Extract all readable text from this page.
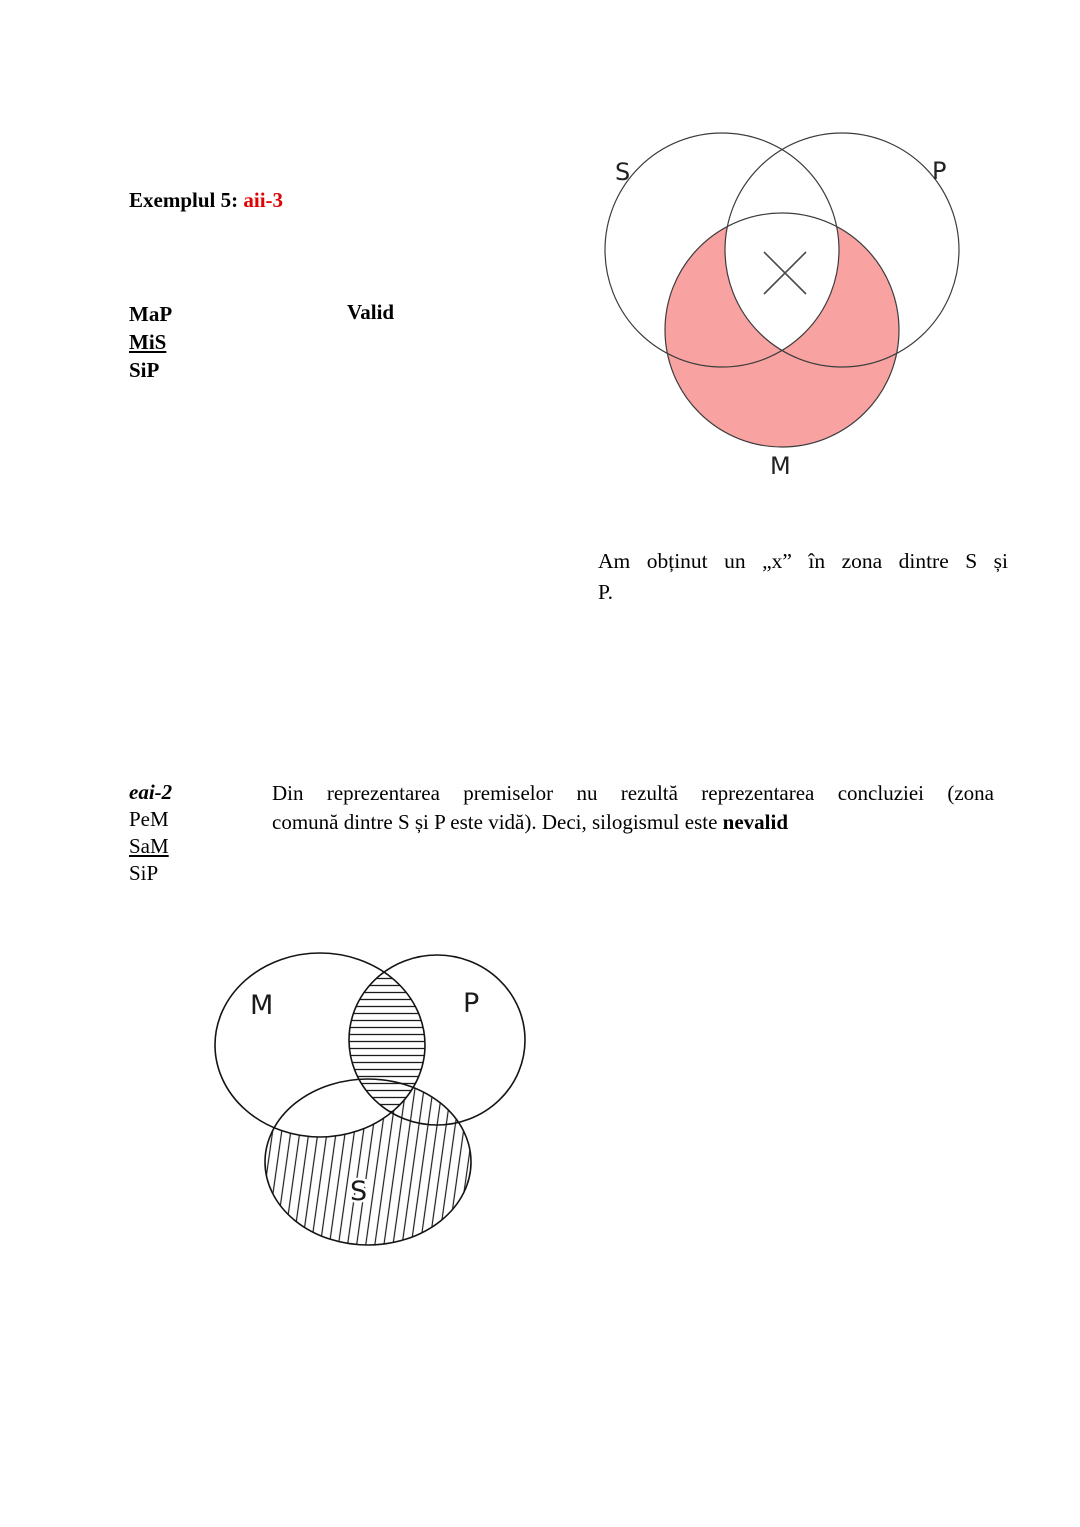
Exemplul 5: aii-3
MaP
MiS
SiP
Valid
S	P
M
Am obținut un „x” în zona dintre S și
P.
eai-2
PeM
SaM
SiP
Din reprezentarea premiselor nu rezultă reprezentarea concluziei (zona
comună dintre S și P este vidă). Deci, silogismul este nevalid
M	P
S
